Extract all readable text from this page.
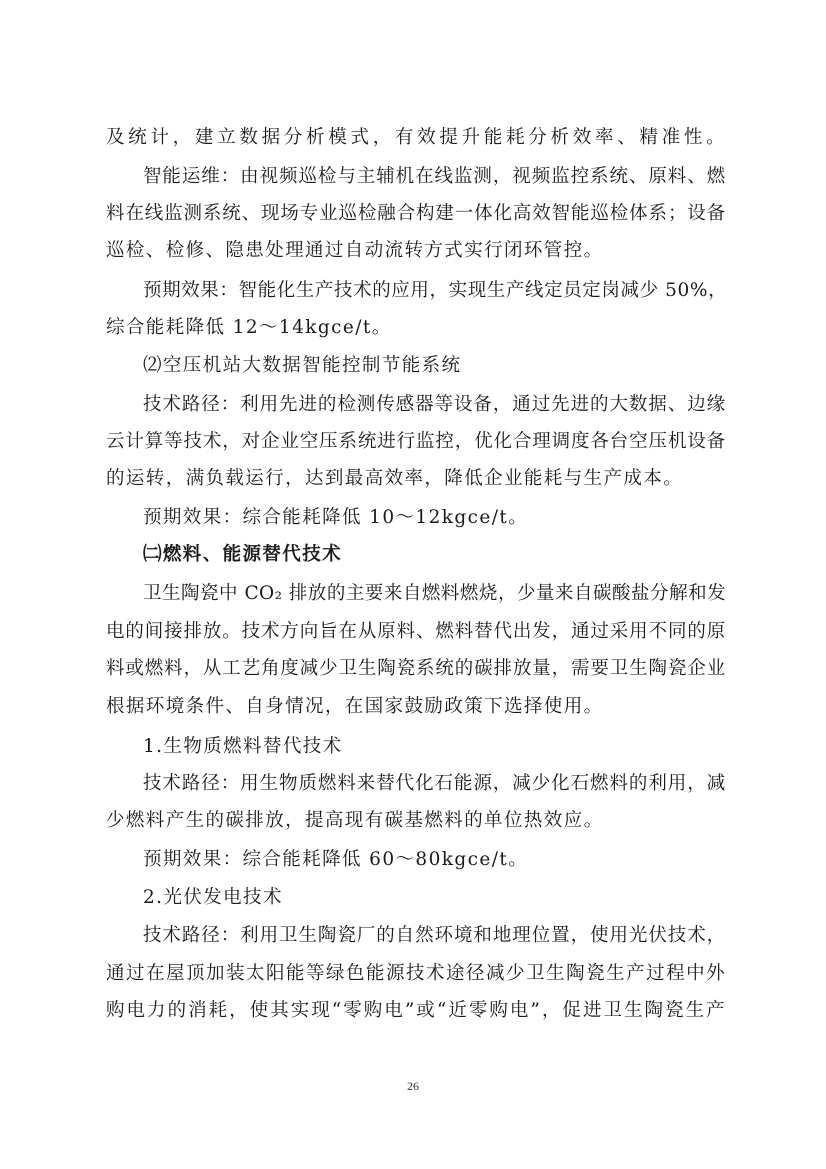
及统计，建立数据分析模式，有效提升能耗分析效率、精准性。
智能运维：由视频巡检与主辅机在线监测，视频监控系统、原料、燃
料在线监测系统、现场专业巡检融合构建一体化高效智能巡检体系；设备
巡检、检修、隐患处理通过自动流转方式实行闭环管控。
预期效果：智能化生产技术的应用，实现生产线定员定岗减少 50%，
综合能耗降低 12～14kgce/t。
⑵空压机站大数据智能控制节能系统
技术路径：利用先进的检测传感器等设备，通过先进的大数据、边缘
云计算等技术，对企业空压系统进行监控，优化合理调度各台空压机设备
的运转，满负载运行，达到最高效率，降低企业能耗与生产成本。
预期效果：综合能耗降低 10～12kgce/t。
㈡燃料、能源替代技术
卫生陶瓷中 CO₂ 排放的主要来自燃料燃烧，少量来自碳酸盐分解和发
电的间接排放。技术方向旨在从原料、燃料替代出发，通过采用不同的原
料或燃料，从工艺角度减少卫生陶瓷系统的碳排放量，需要卫生陶瓷企业
根据环境条件、自身情况，在国家鼓励政策下选择使用。
1.生物质燃料替代技术
技术路径：用生物质燃料来替代化石能源，减少化石燃料的利用，减
少燃料产生的碳排放，提高现有碳基燃料的单位热效应。
预期效果：综合能耗降低 60～80kgce/t。
2.光伏发电技术
技术路径：利用卫生陶瓷厂的自然环境和地理位置，使用光伏技术，
通过在屋顶加装太阳能等绿色能源技术途径减少卫生陶瓷生产过程中外
购电力的消耗，使其实现“零购电”或“近零购电”，促进卫生陶瓷生产
26
